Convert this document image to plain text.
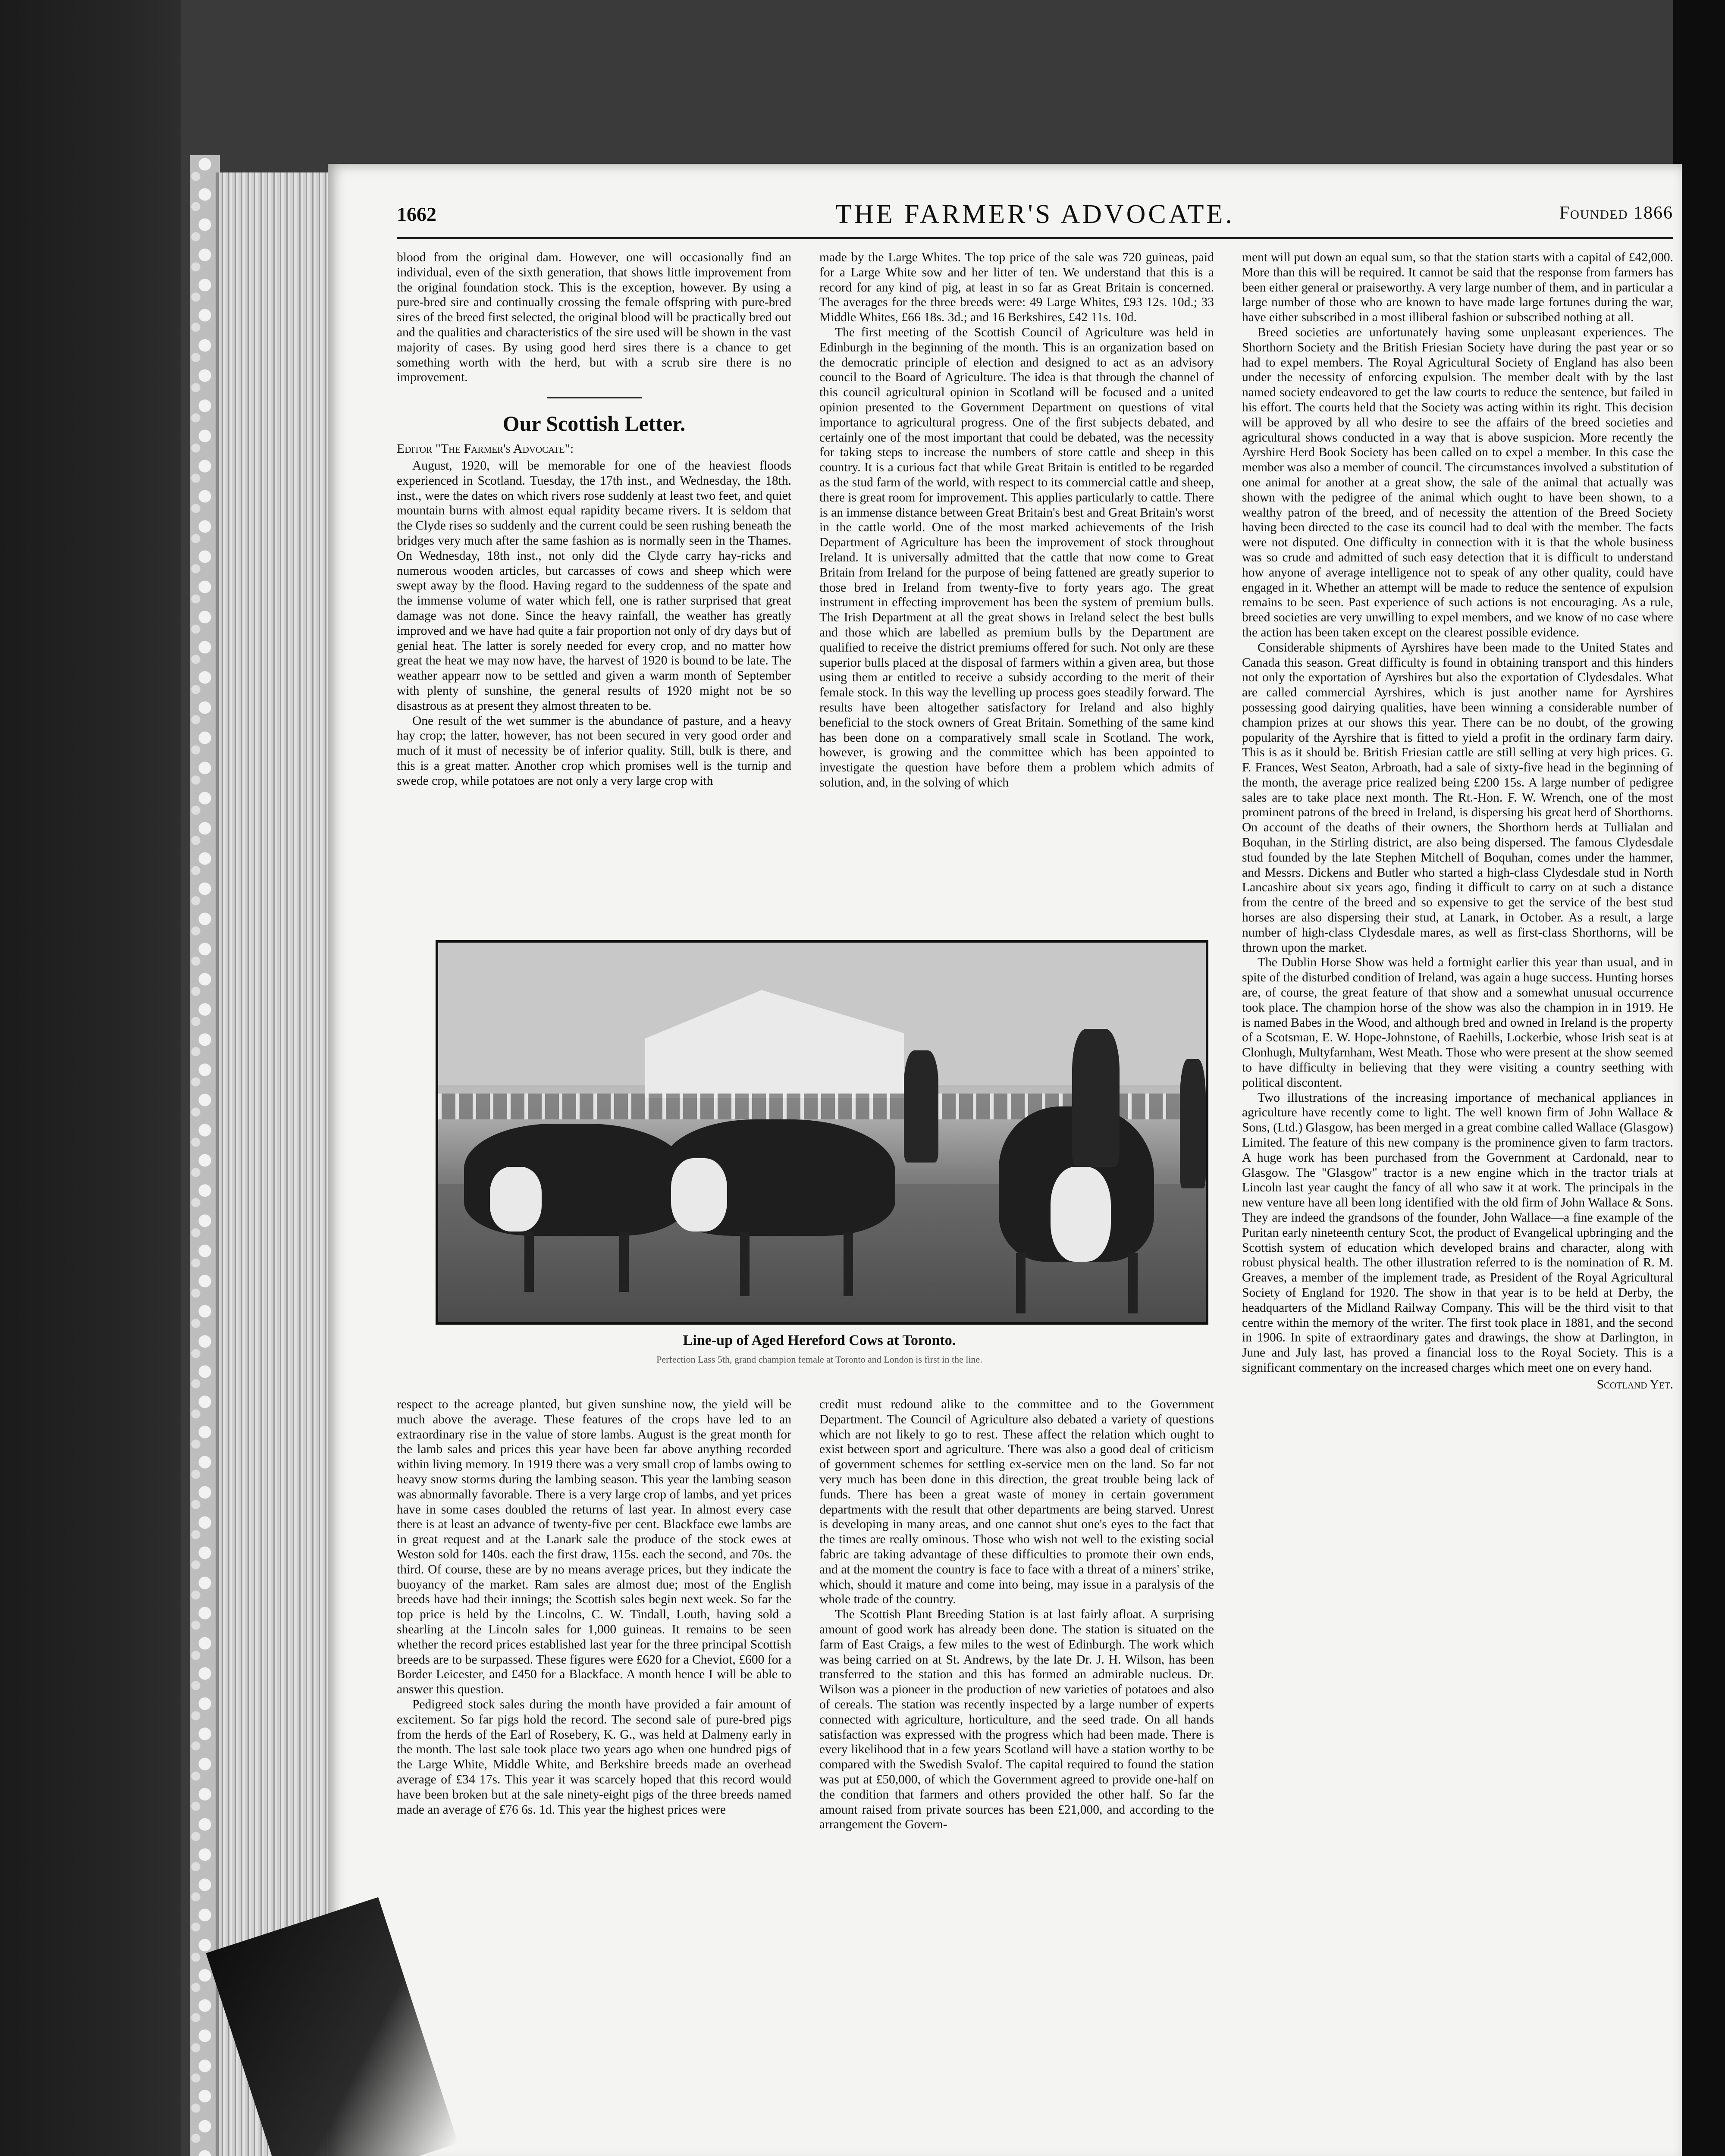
1662	THE FARMER'S ADVOCATE.	Founded 1866

blood from the original dam. However, one will occasionally find an individual, even of the sixth generation, that shows little improvement from the original foundation stock. This is the exception, however. By using a pure-bred sire and continually crossing the female offspring with pure-bred sires of the breed first selected, the original blood will be practically bred out and the qualities and characteristics of the sire used will be shown in the vast majority of cases. By using good herd sires there is a chance to get something worth with the herd, but with a scrub sire there is no improvement.

Our Scottish Letter.
Editor "The Farmer's Advocate":

August, 1920, will be memorable for one of the heaviest floods experienced in Scotland. Tuesday, the 17th inst., and Wednesday, the 18th. inst., were the dates on which rivers rose suddenly at least two feet, and quiet mountain burns with almost equal rapidity became rivers. It is seldom that the Clyde rises so suddenly and the current could be seen rushing beneath the bridges very much after the same fashion as is normally seen in the Thames. On Wednesday, 18th inst., not only did the Clyde carry hay-ricks and numerous wooden articles, but carcasses of cows and sheep which were swept away by the flood. Having regard to the suddenness of the spate and the immense volume of water which fell, one is rather surprised that great damage was not done. Since the heavy rainfall, the weather has greatly improved and we have had quite a fair proportion not only of dry days but of genial heat. The latter is sorely needed for every crop, and no matter how great the heat we may now have, the harvest of 1920 is bound to be late. The weather appearr now to be settled and given a warm month of September with plenty of sunshine, the general results of 1920 might not be so disastrous as at present they almost threaten to be.

One result of the wet summer is the abundance of pasture, and a heavy hay crop; the latter, however, has not been secured in very good order and much of it must of necessity be of inferior quality. Still, bulk is there, and this is a great matter. Another crop which promises well is the turnip and swede crop, while potatoes are not only a very large crop with

made by the Large Whites. The top price of the sale was 720 guineas, paid for a Large White sow and her litter of ten. We understand that this is a record for any kind of pig, at least in so far as Great Britain is concerned. The averages for the three breeds were: 49 Large Whites, £93 12s. 10d.; 33 Middle Whites, £66 18s. 3d.; and 16 Berkshires, £42 11s. 10d.

The first meeting of the Scottish Council of Agriculture was held in Edinburgh in the beginning of the month. This is an organization based on the democratic principle of election and designed to act as an advisory council to the Board of Agriculture. The idea is that through the channel of this council agricultural opinion in Scotland will be focused and a united opinion presented to the Government Department on questions of vital importance to agricultural progress. One of the first subjects debated, and certainly one of the most important that could be debated, was the necessity for taking steps to increase the numbers of store cattle and sheep in this country. It is a curious fact that while Great Britain is entitled to be regarded as the stud farm of the world, with respect to its commercial cattle and sheep, there is great room for improvement. This applies particularly to cattle. There is an immense distance between Great Britain's best and Great Britain's worst in the cattle world. One of the most marked achievements of the Irish Department of Agriculture has been the improvement of stock throughout Ireland. It is universally admitted that the cattle that now come to Great Britain from Ireland for the purpose of being fattened are greatly superior to those bred in Ireland from twenty-five to forty years ago. The great instrument in effecting improvement has been the system of premium bulls. The Irish Department at all the great shows in Ireland select the best bulls and those which are labelled as premium bulls by the Department are qualified to receive the district premiums offered for such. Not only are these superior bulls placed at the disposal of farmers within a given area, but those using them ar entitled to receive a subsidy according to the merit of their female stock. In this way the levelling up process goes steadily forward. The results have been altogether satisfactory for Ireland and also highly beneficial to the stock owners of Great Britain. Something of the same kind has been done on a comparatively small scale in Scotland. The work, however, is growing and the committee which has been appointed to investigate the question have before them a problem which admits of solution, and, in the solving of which

ment will put down an equal sum, so that the station starts with a capital of £42,000. More than this will be required. It cannot be said that the response from farmers has been either general or praiseworthy. A very large number of them, and in particular a large number of those who are known to have made large fortunes during the war, have either subscribed in a most illiberal fashion or subscribed nothing at all.

Breed societies are unfortunately having some unpleasant experiences. The Shorthorn Society and the British Friesian Society have during the past year or so had to expel members. The Royal Agricultural Society of England has also been under the necessity of enforcing expulsion. The member dealt with by the last named society endeavored to get the law courts to reduce the sentence, but failed in his effort. The courts held that the Society was acting within its right. This decision will be approved by all who desire to see the affairs of the breed societies and agricultural shows conducted in a way that is above suspicion. More recently the Ayrshire Herd Book Society has been called on to expel a member. In this case the member was also a member of council. The circumstances involved a substitution of one animal for another at a great show, the sale of the animal that actually was shown with the pedigree of the animal which ought to have been shown, to a wealthy patron of the breed, and of necessity the attention of the Breed Society having been directed to the case its council had to deal with the member. The facts were not disputed. One difficulty in connection with it is that the whole business was so crude and admitted of such easy detection that it is difficult to understand how anyone of average intelligence not to speak of any other quality, could have engaged in it. Whether an attempt will be made to reduce the sentence of expulsion remains to be seen. Past experience of such actions is not encouraging. As a rule, breed societies are very unwilling to expel members, and we know of no case where the action has been taken except on the clearest possible evidence.

Considerable shipments of Ayrshires have been made to the United States and Canada this season. Great difficulty is found in obtaining transport and this hinders not only the exportation of Ayrshires but also the exportation of Clydesdales. What are called commercial Ayrshires, which is just another name for Ayrshires possessing good dairying qualities, have been winning a considerable number of champion prizes at our shows this year. There can be no doubt, of the growing popularity of the Ayrshire that is fitted to yield a profit in the ordinary farm dairy. This is as it should be. British Friesian cattle are still selling at very high prices. G. F. Frances, West Seaton, Arbroath, had a sale of sixty-five head in the beginning of the month, the average price realized being £200 15s. A large number of pedigree sales are to take place next month. The Rt.-Hon. F. W. Wrench, one of the most prominent patrons of the breed in Ireland, is dispersing his great herd of Shorthorns. On account of the deaths of their owners, the Shorthorn herds at Tullialan and Boquhan, in the Stirling district, are also being dispersed. The famous Clydesdale stud founded by the late Stephen Mitchell of Boquhan, comes under the hammer, and Messrs. Dickens and Butler who started a high-class Clydesdale stud in North Lancashire about six years ago, finding it difficult to carry on at such a distance from the centre of the breed and so expensive to get the service of the best stud horses are also dispersing their stud, at Lanark, in October. As a result, a large number of high-class Clydesdale mares, as well as first-class Shorthorns, will be thrown upon the market.

The Dublin Horse Show was held a fortnight earlier this year than usual, and in spite of the disturbed condition of Ireland, was again a huge success. Hunting horses are, of course, the great feature of that show and a somewhat unusual occurrence took place. The champion horse of the show was also the champion in in 1919. He is named Babes in the Wood, and although bred and owned in Ireland is the property of a Scotsman, E. W. Hope-Johnstone, of Raehills, Lockerbie, whose Irish seat is at Clonhugh, Multyfarnham, West Meath. Those who were present at the show seemed to have difficulty in believing that they were visiting a country seething with political discontent.

Two illustrations of the increasing importance of mechanical appliances in agriculture have recently come to light. The well known firm of John Wallace & Sons, (Ltd.) Glasgow, has been merged in a great combine called Wallace (Glasgow) Limited. The feature of this new company is the prominence given to farm tractors. A huge work has been purchased from the Government at Cardonald, near to Glasgow. The "Glasgow" tractor is a new engine which in the tractor trials at Lincoln last year caught the fancy of all who saw it at work. The principals in the new venture have all been long identified with the old firm of John Wallace & Sons. They are indeed the grandsons of the founder, John Wallace—a fine example of the Puritan early nineteenth century Scot, the product of Evangelical upbringing and the Scottish system of education which developed brains and character, along with robust physical health. The other illustration referred to is the nomination of R. M. Greaves, a member of the implement trade, as President of the Royal Agricultural Society of England for 1920. The show in that year is to be held at Derby, the headquarters of the Midland Railway Company. This will be the third visit to that centre within the memory of the writer. The first took place in 1881, and the second in 1906. In spite of extraordinary gates and drawings, the show at Darlington, in June and July last, has proved a financial loss to the Royal Society. This is a significant commentary on the increased charges which meet one on every hand.

Scotland Yet.
Line-up of Aged Hereford Cows at Toronto.
Perfection Lass 5th, grand champion female at Toronto and London is first in the line.

respect to the acreage planted, but given sunshine now, the yield will be much above the average. These features of the crops have led to an extraordinary rise in the value of store lambs. August is the great month for the lamb sales and prices this year have been far above anything recorded within living memory. In 1919 there was a very small crop of lambs owing to heavy snow storms during the lambing season. This year the lambing season was abnormally favorable. There is a very large crop of lambs, and yet prices have in some cases doubled the returns of last year. In almost every case there is at least an advance of twenty-five per cent. Blackface ewe lambs are in great request and at the Lanark sale the produce of the stock ewes at Weston sold for 140s. each the first draw, 115s. each the second, and 70s. the third. Of course, these are by no means average prices, but they indicate the buoyancy of the market. Ram sales are almost due; most of the English breeds have had their innings; the Scottish sales begin next week. So far the top price is held by the Lincolns, C. W. Tindall, Louth, having sold a shearling at the Lincoln sales for 1,000 guineas. It remains to be seen whether the record prices established last year for the three principal Scottish breeds are to be surpassed. These figures were £620 for a Cheviot, £600 for a Border Leicester, and £450 for a Blackface. A month hence I will be able to answer this question.

Pedigreed stock sales during the month have provided a fair amount of excitement. So far pigs hold the record. The second sale of pure-bred pigs from the herds of the Earl of Rosebery, K. G., was held at Dalmeny early in the month. The last sale took place two years ago when one hundred pigs of the Large White, Middle White, and Berkshire breeds made an overhead average of £34 17s. This year it was scarcely hoped that this record would have been broken but at the sale ninety-eight pigs of the three breeds named made an average of £76 6s. 1d. This year the highest prices were

credit must redound alike to the committee and to the Government Department. The Council of Agriculture also debated a variety of questions which are not likely to go to rest. These affect the relation which ought to exist between sport and agriculture. There was also a good deal of criticism of government schemes for settling ex-service men on the land. So far not very much has been done in this direction, the great trouble being lack of funds. There has been a great waste of money in certain government departments with the result that other departments are being starved. Unrest is developing in many areas, and one cannot shut one's eyes to the fact that the times are really ominous. Those who wish not well to the existing social fabric are taking advantage of these difficulties to promote their own ends, and at the moment the country is face to face with a threat of a miners' strike, which, should it mature and come into being, may issue in a paralysis of the whole trade of the country.

The Scottish Plant Breeding Station is at last fairly afloat. A surprising amount of good work has already been done. The station is situated on the farm of East Craigs, a few miles to the west of Edinburgh. The work which was being carried on at St. Andrews, by the late Dr. J. H. Wilson, has been transferred to the station and this has formed an admirable nucleus. Dr. Wilson was a pioneer in the production of new varieties of potatoes and also of cereals. The station was recently inspected by a large number of experts connected with agriculture, horticulture, and the seed trade. On all hands satisfaction was expressed with the progress which had been made. There is every likelihood that in a few years Scotland will have a station worthy to be compared with the Swedish Svalof. The capital required to found the station was put at £50,000, of which the Government agreed to provide one-half on the condition that farmers and others provided the other half. So far the amount raised from private sources has been £21,000, and according to the arrangement the Govern-
